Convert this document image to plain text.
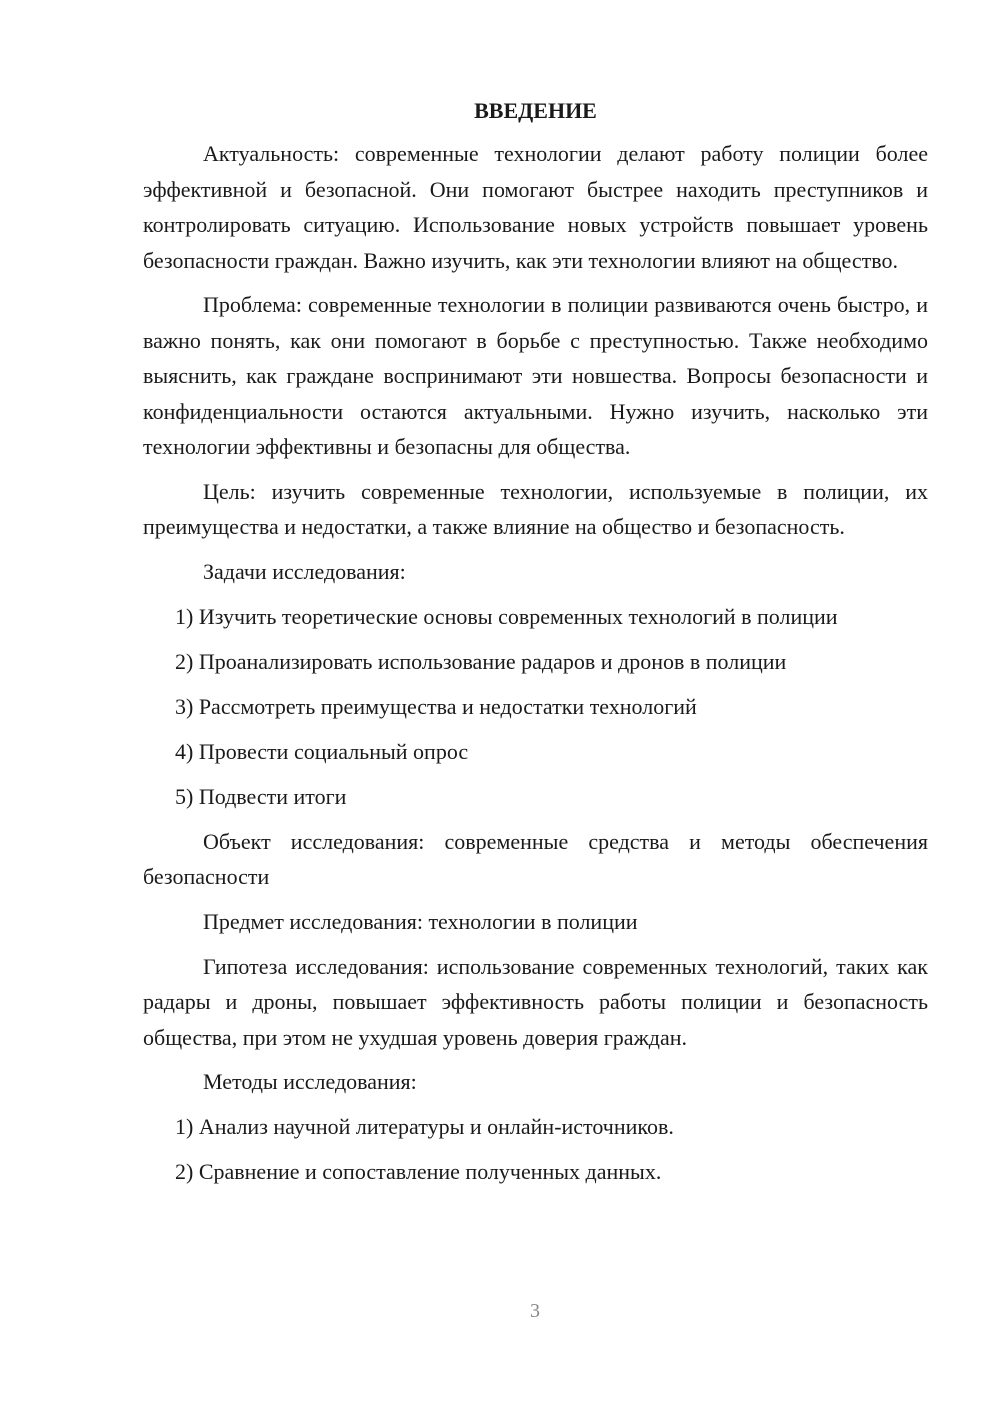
ВВЕДЕНИЕ

Актуальность: современные технологии делают работу полиции более эффективной и безопасной. Они помогают быстрее находить преступников и контролировать ситуацию. Использование новых устройств повышает уровень безопасности граждан. Важно изучить, как эти технологии влияют на общество.

Проблема: современные технологии в полиции развиваются очень быстро, и важно понять, как они помогают в борьбе с преступностью. Также необходимо выяснить, как граждане воспринимают эти новшества. Вопросы безопасности и конфиденциальности остаются актуальными. Нужно изучить, насколько эти технологии эффективны и безопасны для общества.

Цель: изучить современные технологии, используемые в полиции, их преимущества и недостатки, а также влияние на общество и безопасность.

Задачи исследования:
1) Изучить теоретические основы современных технологий в полиции
2) Проанализировать использование радаров и дронов в полиции
3) Рассмотреть преимущества и недостатки технологий
4) Провести социальный опрос
5) Подвести итоги

Объект исследования: современные средства и методы обеспечения безопасности

Предмет исследования: технологии в полиции

Гипотеза исследования: использование современных технологий, таких как радары и дроны, повышает эффективность работы полиции и безопасность общества, при этом не ухудшая уровень доверия граждан.

Методы исследования:
1) Анализ научной литературы и онлайн-источников.
2) Сравнение и сопоставление полученных данных.
3
